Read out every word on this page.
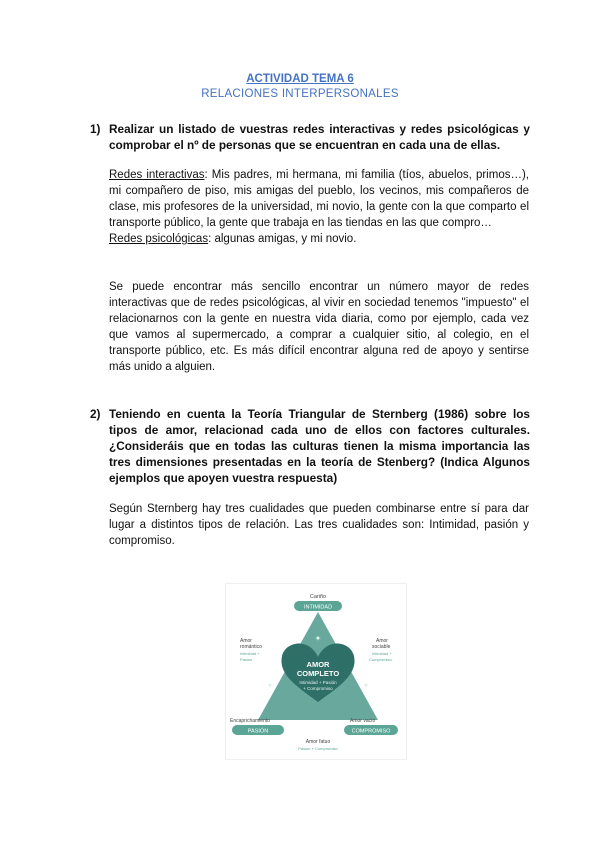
ACTIVIDAD TEMA 6
RELACIONES INTERPERSONALES
1) Realizar un listado de vuestras redes interactivas y redes psicológicas y comprobar el nº de personas que se encuentran en cada una de ellas.
Redes interactivas: Mis padres, mi hermana, mi familia (tíos, abuelos, primos…), mi compañero de piso, mis amigas del pueblo, los vecinos, mis compañeros de clase, mis profesores de la universidad, mi novio, la gente con la que comparto el transporte público, la gente que trabaja en las tiendas en las que compro…
Redes psicológicas: algunas amigas, y mi novio.
Se puede encontrar más sencillo encontrar un número mayor de redes interactivas que de redes psicológicas, al vivir en sociedad tenemos "impuesto" el relacionarnos con la gente en nuestra vida diaria, como por ejemplo, cada vez que vamos al supermercado, a comprar a cualquier sitio, al colegio, en el transporte público, etc. Es más difícil encontrar alguna red de apoyo y sentirse más unido a alguien.
2) Teniendo en cuenta la Teoría Triangular de Sternberg (1986) sobre los tipos de amor, relacionad cada uno de ellos con factores culturales.¿Consideráis que en todas las culturas tienen la misma importancia las tres dimensiones presentadas en la teoría de Stenberg? (Indica Algunos ejemplos que apoyen vuestra respuesta)
Según Sternberg hay tres cualidades que pueden combinarse entre sí para dar lugar a distintos tipos de relación. Las tres cualidades son: Intimidad, pasión y compromiso.
✦
✦	✦
Cariño
INTIMIDAD
Amor
romántico
Intimidad +
Pasión
Amor
sociable
Intimidad +
Compromiso
AMOR
COMPLETO
Intimidad + Pasión
+ Compromiso
Encaprichamiento
PASIÓN
Amor vacío
COMPROMISO
Amor fatuo
Pasión + Compromiso
